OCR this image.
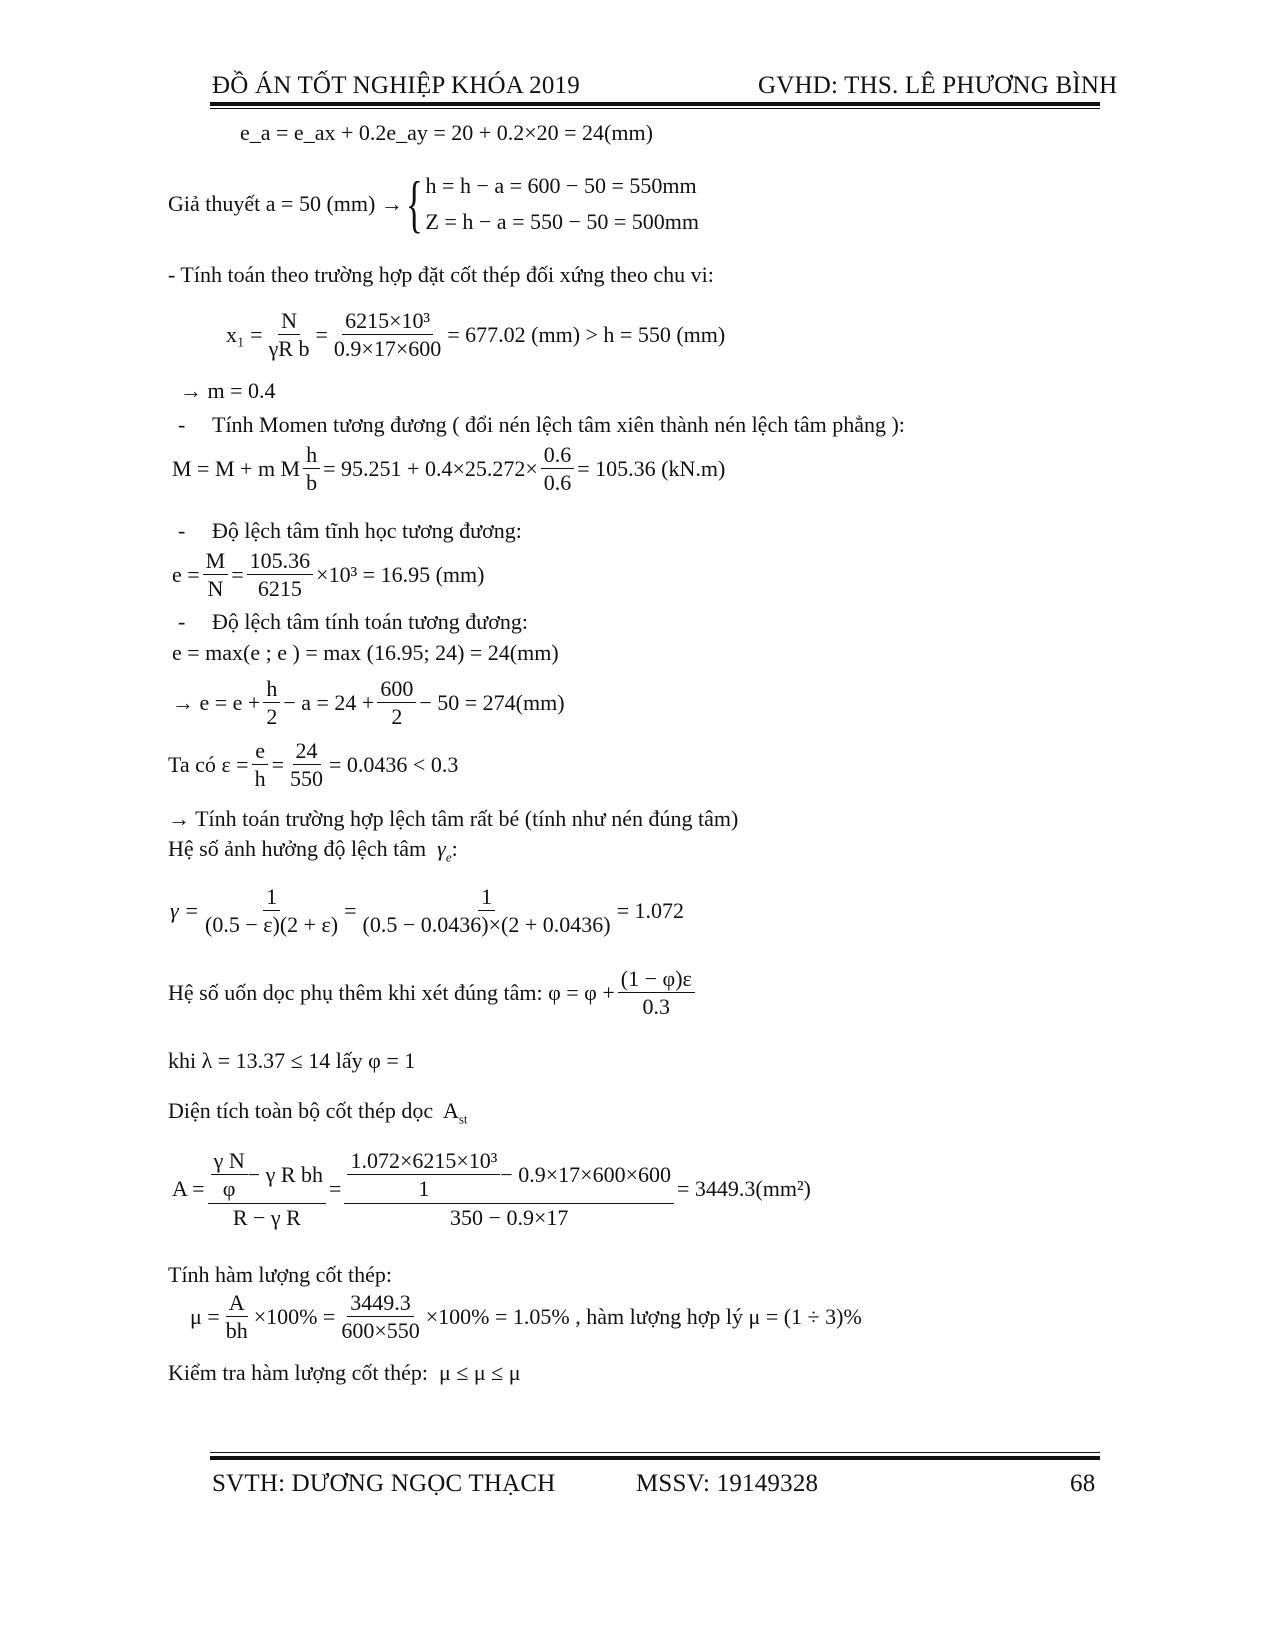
ĐỒ ÁN TỐT NGHIỆP KHÓA 2019	GVHD: THS. LÊ PHƯƠNG BÌNH
e_a = e_ax + 0.2e_ay = 20 + 0.2×20 = 24(mm)
Giả thuyết
a = 50 (mm) → { h = h − a = 600 − 50 = 550mm
Z = h − a = 550 − 50 = 500mm
- Tính toán theo trường hợp đặt cốt thép đối xứng theo chu vi:
$x_1 = \frac{N}{\text{γR b}} = \frac{\text{6215×10³}}{0.9\times 17\times 600} = 677.02$ (mm) > h = 550 (mm)
→ m = 0.4
- Tính Momen tương đương ( đổi nén lệch tâm xiên thành nén lệch tâm phẳng ):
M = M + m M $\frac{h}{b} = 95.251 + 0.4\times 25.272\times \frac{0.6}{0.6} = 105.36$ (kN.m)
- Độ lệch tâm tĩnh học tương đương:
$e = \frac{M}{N} = \frac{105.36}{6215} \times 10^3 = 16.95$ (mm)
- Độ lệch tâm tính toán tương đương:
e = max(e ; e ) = max (16.95; 24) = 24(mm)
→ $e = e + \frac{h}{2} - a = 24 + \frac{600}{2} - 50 = 274(mm)$
Ta có
$\varepsilon = \frac{e}{h} = \frac{24}{550} = 0.0436 < 0.3$
→ Tính toán trường hợp lệch tâm rất bé (tính như nén đúng tâm)
Hệ số ảnh hưởng độ lệch tâm $\gamma_e$:
$\gamma = \frac{1}{(0.5 - \varepsilon)(2 + \varepsilon)} = \frac{1}{(0.5 - 0.0436)\times(2 + 0.0436)} = 1.072$
Hệ số uốn dọc phụ thêm khi xét đúng tâm:
$\varphi = \varphi + \frac{(1 - \varphi)\varepsilon}{0.3}$
khi λ = 13.37 ≤ 14 lấy φ = 1
Diện tích toàn bộ cốt thép dọc $A_{st}$
$A = \frac{\frac{\text{γ N}}{\varphi} - \gamma R bh}{\text{R − γ R}} = \frac{\frac{\text{1.072×6215×10³}}{1} - 0.9\times 17\times 600\times 600}{350 - 0.9\times 17} = 3449.3(mm^2)$
Tính hàm lượng cốt thép:
$\mu = \frac{A}{bh} \times 100\% = \frac{3449.3}{600\times 550} \times 100\% = 1.05\%$ , hàm lượng hợp lý
μ = (1 ÷ 3)%
Kiểm tra hàm lượng cốt thép: μ ≤ μ ≤ μ
SVTH: DƯƠNG NGỌC THẠCH	MSSV: 19149328	68
